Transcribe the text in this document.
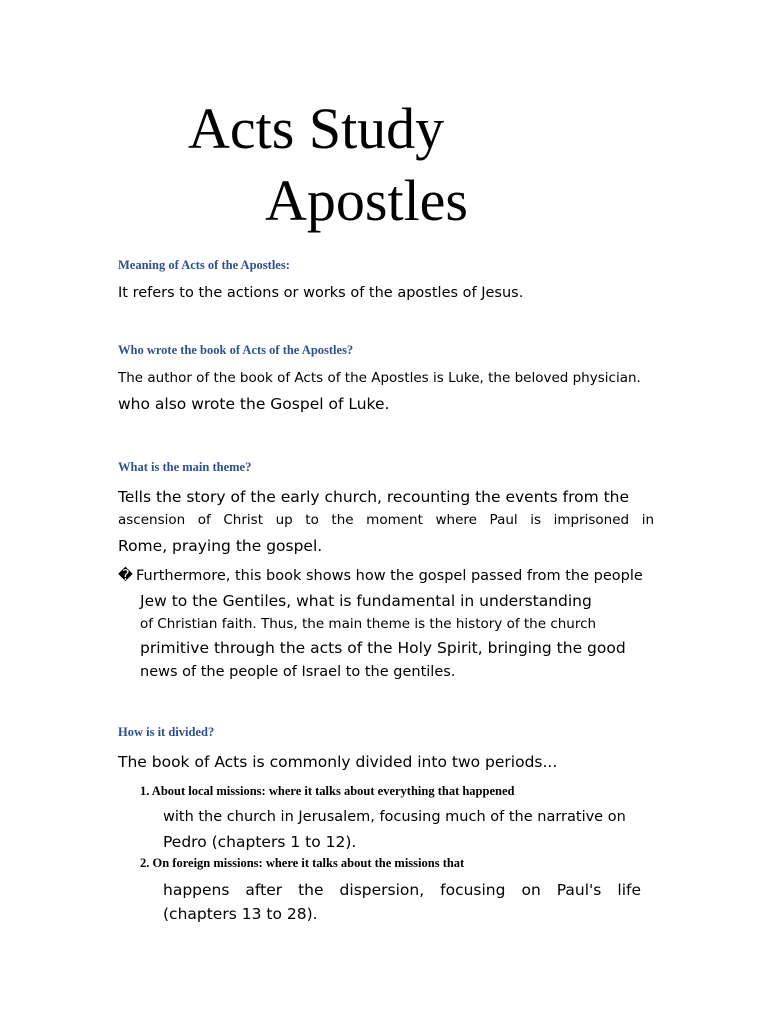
Acts Study
Apostles
Meaning of Acts of the Apostles:
It refers to the actions or works of the apostles of Jesus.
Who wrote the book of Acts of the Apostles?
The author of the book of Acts of the Apostles is Luke, the beloved physician.
who also wrote the Gospel of Luke.
What is the main theme?
Tells the story of the early church, recounting the events from the
ascension of Christ up to the moment where Paul is imprisoned in
Rome, praying the gospel.
� Furthermore, this book shows how the gospel passed from the people
Jew to the Gentiles, what is fundamental in understanding
of Christian faith. Thus, the main theme is the history of the church
primitive through the acts of the Holy Spirit, bringing the good
news of the people of Israel to the gentiles.
How is it divided?
The book of Acts is commonly divided into two periods...
1. About local missions: where it talks about everything that happened
with the church in Jerusalem, focusing much of the narrative on
Pedro (chapters 1 to 12).
2. On foreign missions: where it talks about the missions that
happens after the dispersion, focusing on Paul's life
(chapters 13 to 28).
